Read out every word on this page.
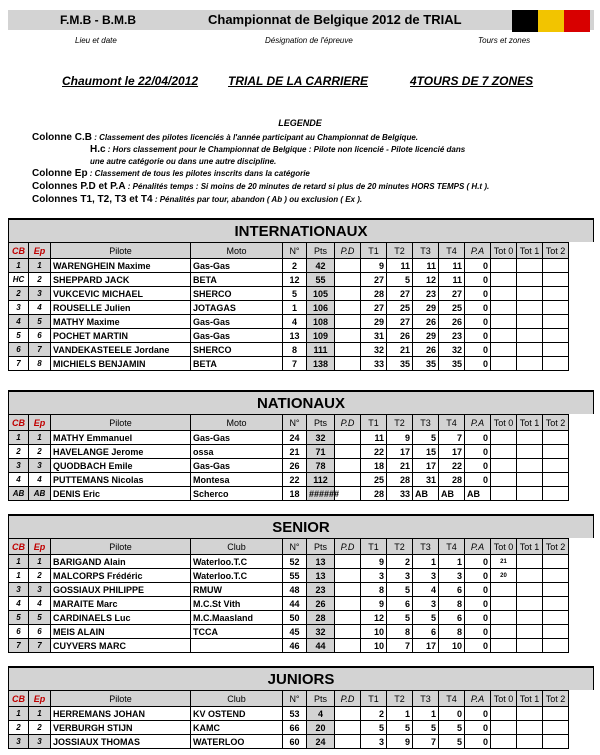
F.M.B - B.M.B	Championnat de Belgique 2012 de TRIAL
Lieu et date	Désignation de l'épreuve	Tours et zones
Chaumont le 22/04/2012 TRIAL DE LA CARRIERE	4TOURS DE 7 ZONES
LEGENDE
Colonne C.B : Classement des pilotes licenciés à l'année participant au Championnat de Belgique.
H.c : Hors classement pour le Championnat de Belgique : Pilote non licencié - Pilote licencié dans
une autre catégorie ou dans une autre discipline.
Colonne Ep : Classement de tous les pilotes inscrits dans la catégorie
Colonnes P.D et P.A : Pénalités temps : Si moins de 20 minutes de retard si plus de 20 minutes HORS TEMPS ( H.t ).
Colonnes T1, T2, T3 et T4 : Pénalités par tour, abandon ( Ab ) ou exclusion ( Ex ).
INTERNATIONAUX
CB	Ep	Pilote	Moto	N°	Pts	P.D	T1	T2	T3	T4	P.A	Tot 0	Tot 1	Tot 2
1	1	WARENGHEIN Maxime	Gas-Gas	2	42		9	11	11	11	0			
HC	2	SHEPPARD JACK	BETA	12	55		27	5	12	11	0			
2	3	VUKCEVIC MICHAEL	SHERCO	5	105		28	27	23	27	0			
3	4	ROUSELLE Julien	JOTAGAS	1	106		27	25	29	25	0			
4	5	MATHY Maxime	Gas-Gas	4	108		29	27	26	26	0			
5	6	POCHET MARTIN	Gas-Gas	13	109		31	26	29	23	0			
6	7	VANDEKASTEELE Jordane	SHERCO	8	111		32	21	26	32	0			
7	8	MICHIELS BENJAMIN	BETA	7	138		33	35	35	35	0			
NATIONAUX
CB	Ep	Pilote	Moto	N°	Pts	P.D	T1	T2	T3	T4	P.A	Tot 0	Tot 1	Tot 2
1	1	MATHY Emmanuel	Gas-Gas	24	32		11	9	5	7	0			
2	2	HAVELANGE Jerome	ossa	21	71		22	17	15	17	0			
3	3	QUODBACH Emile	Gas-Gas	26	78		18	21	17	22	0			
4	4	PUTTEMANS Nicolas	Montesa	22	112		25	28	31	28	0			
AB	AB	DENIS Eric	Scherco	18	######		28	33	AB	AB	AB			
SENIOR
CB	Ep	Pilote	Club	N°	Pts	P.D	T1	T2	T3	T4	P.A	Tot 0	Tot 1	Tot 2
1	1	BARIGAND Alain	Waterloo.T.C	52	13		9	2	1	1	0	21		
1	2	MALCORPS Frédéric	Waterloo.T.C	55	13		3	3	3	3	0	20		
3	3	GOSSIAUX PHILIPPE	RMUW	48	23		8	5	4	6	0			
4	4	MARAITE Marc	M.C.St Vith	44	26		9	6	3	8	0			
5	5	CARDINAELS Luc	M.C.Maasland	50	28		12	5	5	6	0			
6	6	MEIS ALAIN	TCCA	45	32		10	8	6	8	0			
7	7	CUYVERS MARC		46	44		10	7	17	10	0			
JUNIORS
CB	Ep	Pilote	Club	N°	Pts	P.D	T1	T2	T3	T4	P.A	Tot 0	Tot 1	Tot 2
1	1	HERREMANS JOHAN	KV OSTEND	53	4		2	1	1	0	0			
2	2	VERBURGH STIJN	KAMC	66	20		5	5	5	5	0			
3	3	JOSSIAUX THOMAS	WATERLOO	60	24		3	9	7	5	0			
